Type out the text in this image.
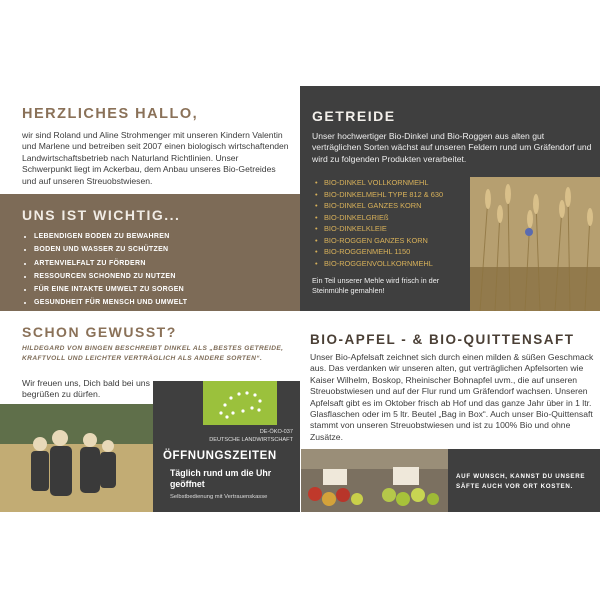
HERZLICHES HALLO,

wir sind Roland und Aline Strohmenger mit unseren Kindern Valentin und Marlene und betreiben seit 2007 einen biologisch wirtschaftenden Landwirtschaftsbetrieb nach Naturland Richtlinien. Unser Schwerpunkt liegt im Ackerbau, dem Anbau unseres Bio-Getreides und auf unseren Streuobstwiesen.

UNS IST WICHTIG...
• LEBENDIGEN BODEN ZU BEWAHREN
• BODEN UND WASSER ZU SCHÜTZEN
• ARTENVIELFALT ZU FÖRDERN
• RESSOURCEN SCHONEND ZU NUTZEN
• FÜR EINE INTAKTE UMWELT ZU SORGEN
• GESUNDHEIT FÜR MENSCH UND UMWELT
GETREIDE

Unser hochwertiger Bio-Dinkel und Bio-Roggen aus alten gut verträglichen Sorten wächst auf unseren Feldern rund um Gräfendorf und wird zu folgenden Produkten verarbeitet.

• BIO-DINKEL VOLLKORNMEHL
• BIO-DINKELMEHL TYPE 812 & 630
• BIO-DINKEL GANZES KORN
• BIO-DINKELGRIEß
• BIO-DINKELKLEIE
• BIO-ROGGEN GANZES KORN
• BIO-ROGGENMEHL 1150
• BIO-ROGGENVOLLKORNMEHL

Ein Teil unserer Mehle wird frisch in der Steinmühle gemahlen!

SCHON GEWUSST?

HILDEGARD VON BINGEN BESCHREIBT DINKEL ALS „BESTES GETREIDE, KRAFTVOLL UND LEICHTER VERTRÄGLICH ALS ANDERE SORTEN“.

Wir freuen uns, Dich bald bei uns begrüßen zu dürfen.

DE-ÖKO-037
DEUTSCHE LANDWIRTSCHAFT

ÖFFNUNGSZEITEN

Täglich rund um die Uhr geöffnet

Selbstbedienung mit Vertrauenskasse

BIO-APFEL - & BIO-QUITTENSAFT

Unser Bio-Apfelsaft zeichnet sich durch einen milden & süßen Geschmack aus. Das verdanken wir unseren alten, gut verträglichen Apfelsorten wie Kaiser Wilhelm, Boskop, Rheinischer Bohnapfel uvm., die auf unseren Streuobstwiesen und auf der Flur rund um Gräfendorf wachsen. Unseren Apfelsaft gibt es im Oktober frisch ab Hof und das ganze Jahr über in 1 ltr. Glasflaschen oder im 5 ltr. Beutel „Bag in Box“. Auch unser Bio-Quittensaft stammt von unseren Streuobstwiesen und ist zu 100% Bio und ohne Zusätze.

AUF WUNSCH, KANNST DU UNSERE SÄFTE AUCH VOR ORT KOSTEN.
